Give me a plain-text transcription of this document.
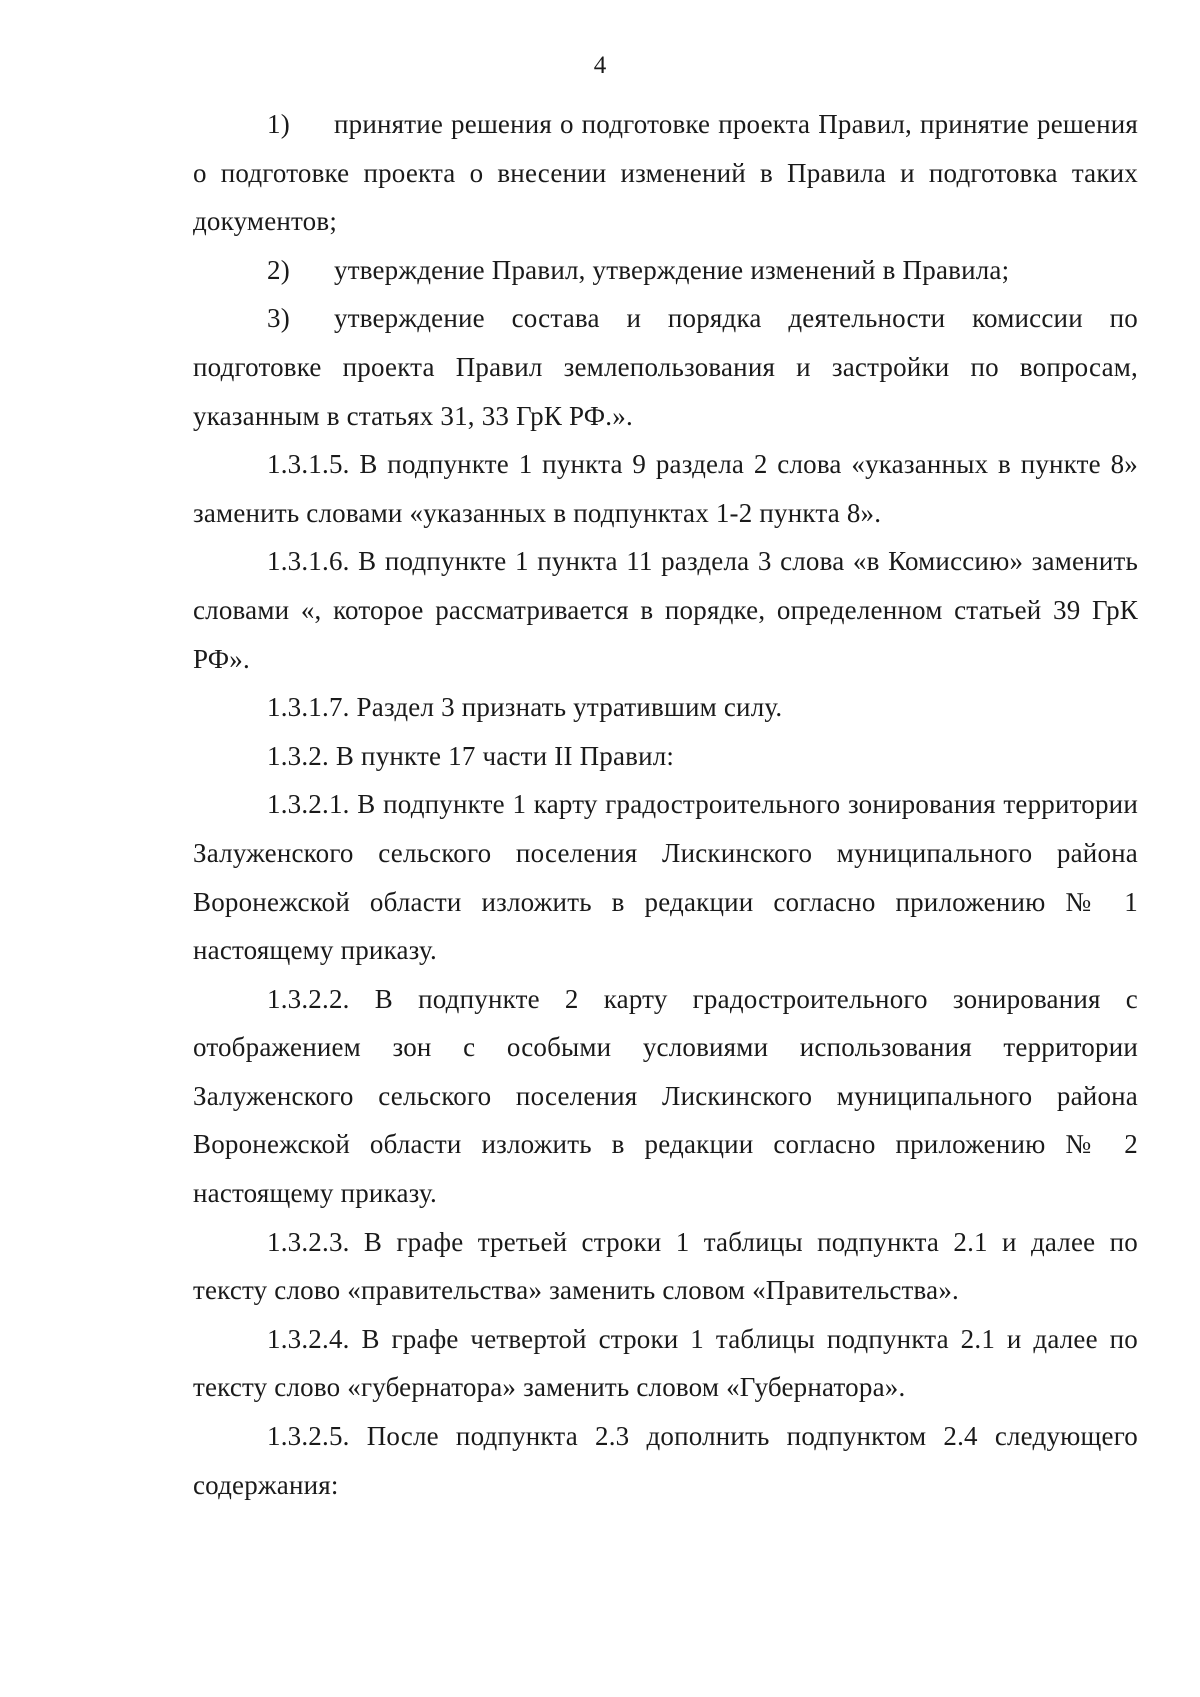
4

1) принятие решения о подготовке проекта Правил, принятие решения о подготовке проекта о внесении изменений в Правила и подготовка таких документов;

2) утверждение Правил, утверждение изменений в Правила;

3) утверждение состава и порядка деятельности комиссии по подготовке проекта Правил землепользования и застройки по вопросам, указанным в статьях 31, 33 ГрК РФ.».

1.3.1.5. В подпункте 1 пункта 9 раздела 2 слова «указанных в пункте 8» заменить словами «указанных в подпунктах 1-2 пункта 8».

1.3.1.6. В подпункте 1 пункта 11 раздела 3 слова «в Комиссию» заменить словами «, которое рассматривается в порядке, определенном статьей 39 ГрК РФ».

1.3.1.7. Раздел 3 признать утратившим силу.

1.3.2. В пункте 17 части II Правил:

1.3.2.1. В подпункте 1 карту градостроительного зонирования территории Залуженского сельского поселения Лискинского муниципального района Воронежской области изложить в редакции согласно приложению № 1 настоящему приказу.

1.3.2.2. В подпункте 2 карту градостроительного зонирования с отображением зон с особыми условиями использования территории Залуженского сельского поселения Лискинского муниципального района Воронежской области изложить в редакции согласно приложению № 2 настоящему приказу.

1.3.2.3. В графе третьей строки 1 таблицы подпункта 2.1 и далее по тексту слово «правительства» заменить словом «Правительства».

1.3.2.4. В графе четвертой строки 1 таблицы подпункта 2.1 и далее по тексту слово «губернатора» заменить словом «Губернатора».

1.3.2.5. После подпункта 2.3 дополнить подпунктом 2.4 следующего содержания:
